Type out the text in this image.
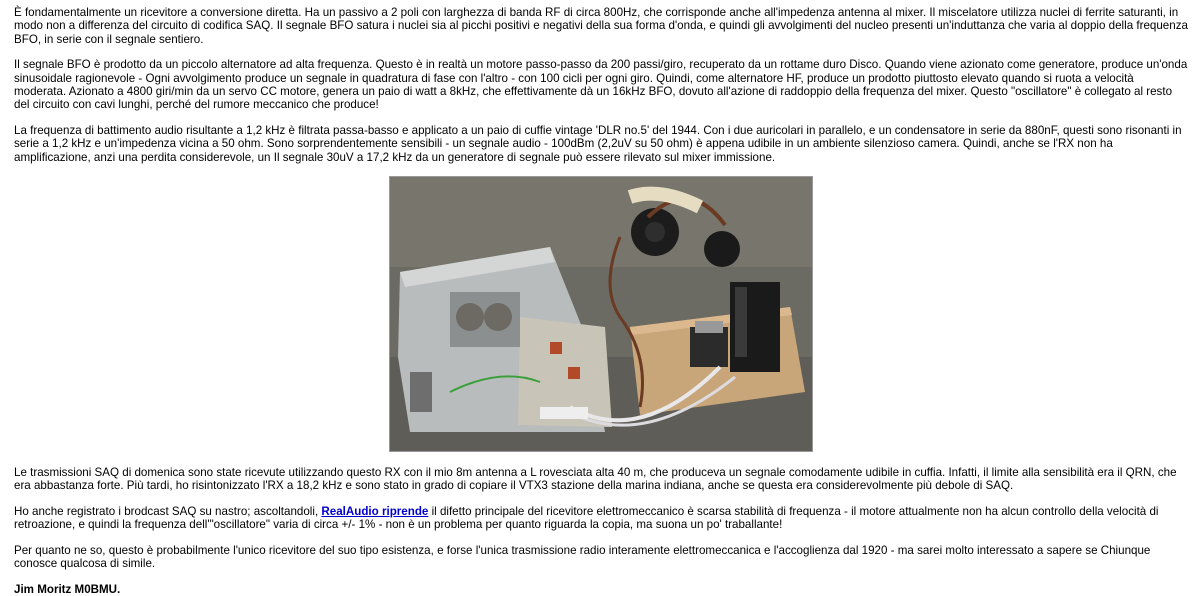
È fondamentalmente un ricevitore a conversione diretta. Ha un passivo a 2 poli con larghezza di banda RF di circa 800Hz, che corrisponde anche all'impedenza antenna al mixer. Il miscelatore utilizza nuclei di ferrite saturanti, in modo non a differenza del circuito di codifica SAQ. Il segnale BFO satura i nuclei sia al picchi positivi e negativi della sua forma d'onda, e quindi gli avvolgimenti del nucleo presenti un'induttanza che varia al doppio della frequenza BFO, in serie con il segnale sentiero.

Il segnale BFO è prodotto da un piccolo alternatore ad alta frequenza. Questo è in realtà un motore passo-passo da 200 passi/giro, recuperato da un rottame duro Disco. Quando viene azionato come generatore, produce un'onda sinusoidale ragionevole - Ogni avvolgimento produce un segnale in quadratura di fase con l'altro - con 100 cicli per ogni giro. Quindi, come alternatore HF, produce un prodotto piuttosto elevato quando si ruota a velocità moderata. Azionato a 4800 giri/min da un servo CC motore, genera un paio di watt a 8kHz, che effettivamente dà un 16kHz BFO, dovuto all'azione di raddoppio della frequenza del mixer. Questo "oscillatore" è collegato al resto del circuito con cavi lunghi, perché del rumore meccanico che produce!

La frequenza di battimento audio risultante a 1,2 kHz è filtrata passa-basso e applicato a un paio di cuffie vintage 'DLR no.5' del 1944. Con i due auricolari in parallelo, e un condensatore in serie da 880nF, questi sono risonanti in serie a 1,2 kHz e un'impedenza vicina a 50 ohm. Sono sorprendentemente sensibili - un segnale audio - 100dBm (2,2uV su 50 ohm) è appena udibile in un ambiente silenzioso camera. Quindi, anche se l'RX non ha amplificazione, anzi una perdita considerevole, un Il segnale 30uV a 17,2 kHz da un generatore di segnale può essere rilevato sul mixer immissione.

Le trasmissioni SAQ di domenica sono state ricevute utilizzando questo RX con il mio 8m antenna a L rovesciata alta 40 m, che produceva un segnale comodamente udibile in cuffia. Infatti, il limite alla sensibilità era il QRN, che era abbastanza forte. Più tardi, ho risintonizzato l'RX a 18,2 kHz e sono stato in grado di copiare il VTX3 stazione della marina indiana, anche se questa era considerevolmente più debole di SAQ.

Ho anche registrato i brodcast SAQ su nastro; ascoltandoli, RealAudio riprende il difetto principale del ricevitore elettromeccanico è scarsa stabilità di frequenza - il motore attualmente non ha alcun controllo della velocità di retroazione, e quindi la frequenza dell'"oscillatore" varia di circa +/- 1% - non è un problema per quanto riguarda la copia, ma suona un po' traballante!

Per quanto ne so, questo è probabilmente l'unico ricevitore del suo tipo esistenza, e forse l'unica trasmissione radio interamente elettromeccanica e l'accoglienza dal 1920 - ma sarei molto interessato a sapere se Chiunque conosce qualcosa di simile.

Jim Moritz M0BMU.
